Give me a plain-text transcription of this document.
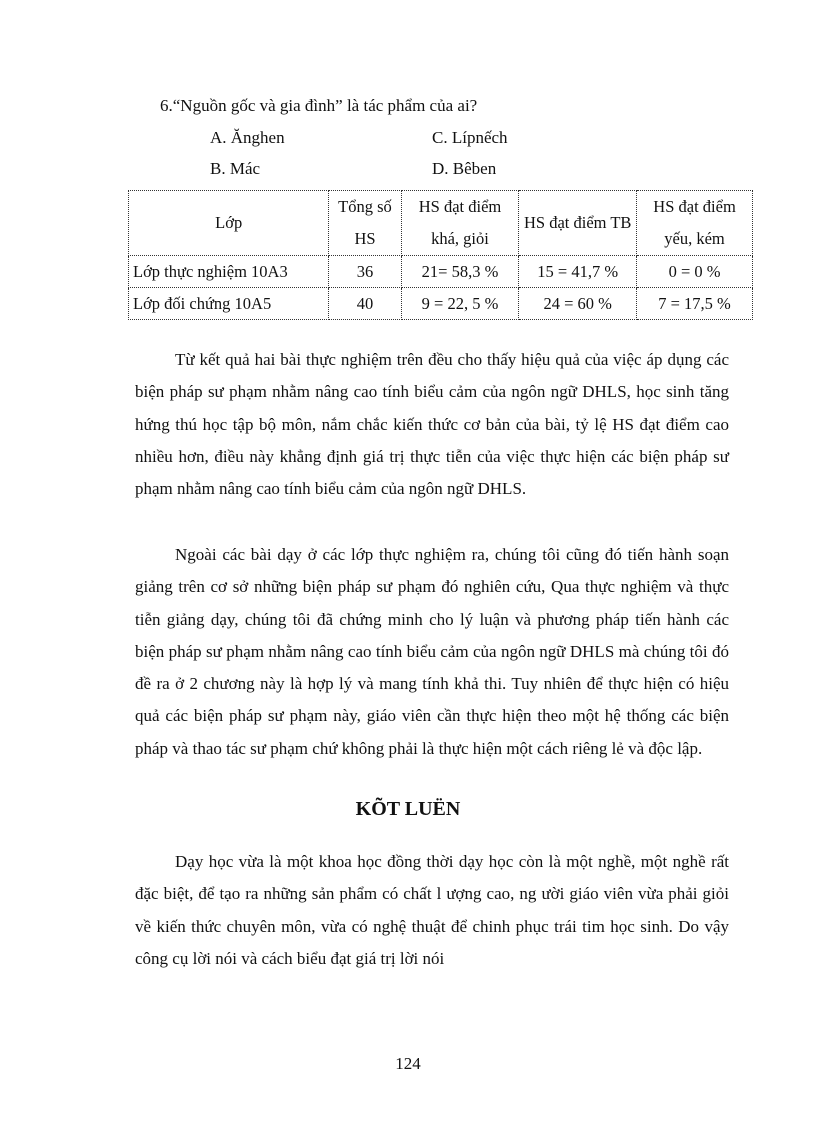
6.“Nguồn gốc và gia đình” là tác phẩm của ai?
A. Ănghen	C. Lípnếch
B. Mác	D. Bêben
Lớp	Tổng số HS	HS đạt điểm khá, giỏi	HS đạt điểm TB	HS đạt điểm yếu, kém
Lớp thực nghiệm 10A3	36	21= 58,3 %	15 = 41,7 %	0 = 0 %
Lớp đối chứng 10A5	40	9 = 22, 5 %	24 = 60 %	7 = 17,5 %

Từ kết quả hai bài thực nghiệm trên đều cho thấy hiệu quả của việc áp dụng các biện pháp sư phạm nhằm nâng cao tính biểu cảm của ngôn ngữ DHLS, học sinh tăng hứng thú học tập bộ môn, nắm chắc kiến thức cơ bản của bài, tỷ lệ HS đạt điểm cao nhiều hơn, điều này khẳng định giá trị thực tiễn của việc thực hiện các biện pháp sư phạm nhằm nâng cao tính biểu cảm của ngôn ngữ DHLS.

Ngoài các bài dạy ở các lớp thực nghiệm ra, chúng tôi cũng đó tiến hành soạn giảng trên cơ sở những biện pháp sư phạm đó nghiên cứu, Qua thực nghiệm và thực tiễn giảng dạy, chúng tôi đã chứng minh cho lý luận và phương pháp tiến hành các biện pháp sư phạm nhằm nâng cao tính biểu cảm của ngôn ngữ DHLS mà chúng tôi đó đề ra ở 2 chương này là hợp lý và mang tính khả thi. Tuy nhiên để thực hiện có hiệu quả các biện pháp sư phạm này, giáo viên cần thực hiện theo một hệ thống các biện pháp và thao tác sư phạm chứ không phải là thực hiện một cách riêng lẻ và độc lập.

KÕT LUËN

Dạy học vừa là một khoa học đồng thời dạy học còn là một nghề, một nghề rất đặc biệt, để tạo ra những sản phẩm có chất l ượng cao, ng ười giáo viên vừa phải giỏi về kiến thức chuyên môn, vừa có nghệ thuật để chinh phục trái tim học sinh. Do vậy công cụ lời nói và cách biểu đạt giá trị lời nói

124
